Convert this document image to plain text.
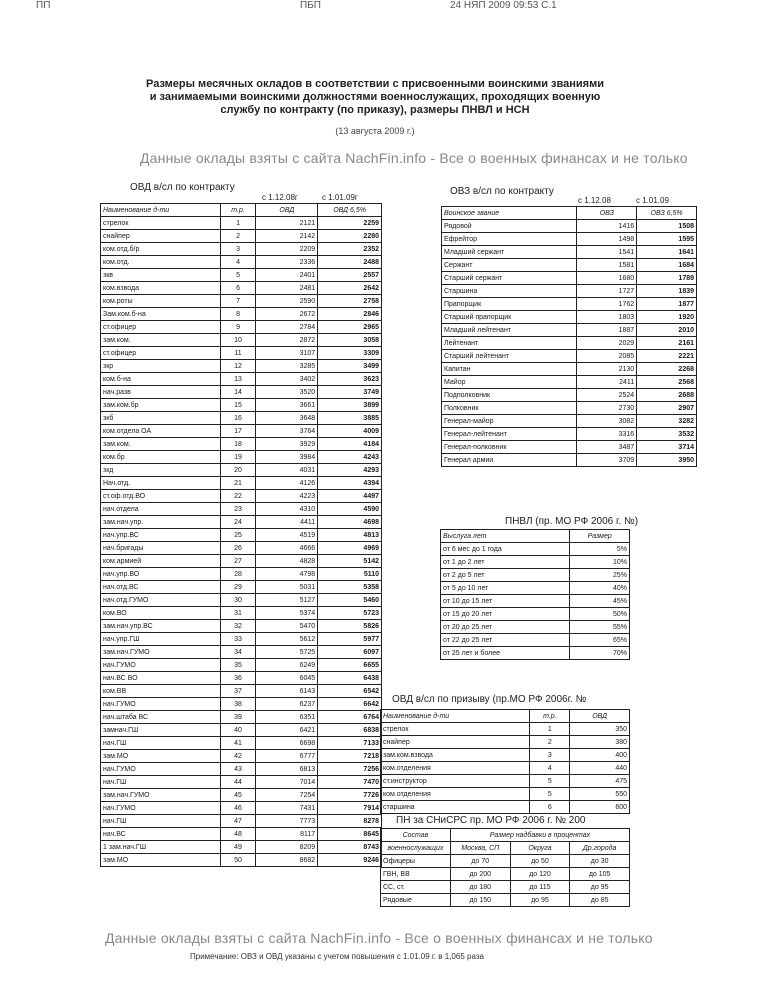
ПП	ПБП	24 НЯП 2009 09:53 С.1
Размеры месячных окладов в соответствии с присвоенными воинскими званиями
и занимаемыми воинскими должностями военнослужащих, проходящих военную
службу по контракту (по приказу), размеры ПНВЛ и НСН
(13 августа 2009 г.)
Данные оклады взяты с сайта NachFin.info - Все о военных финансах и не только
ОВД в/сл по контракту
с 1.12.08г	с 1.01.09г
Наименование д-ти	т.р.	ОВД	ОВД 6,5%
стрелок	1	2121	2259
снайпер	2	2142	2280
ком.отд.б/р	3	2209	2352
ком.отд.	4	2336	2488
зкв	5	2401	2557
ком.взвода	6	2481	2642
ком.роты	7	2590	2758
Зам.ком.б-на	8	2672	2846
ст.офицер	9	2784	2965
зам.ком.	10	2872	3058
ст.офицер	11	3107	3309
зкр	12	3285	3499
ком.б-на	13	3402	3623
нач.разв	14	3520	3749
зам.ком.бр	15	3661	3899
зкб	16	3648	3885
ком.отдела ОА	17	3764	4009
зам.ком.	18	3929	4184
ком.бр	19	3984	4243
зкд	20	4031	4293
Нач.отд.	21	4126	4394
ст.оф.отд.ВО	22	4223	4497
нач.отдела	23	4310	4590
зам.нач.упр.	24	4411	4698
нач.упр.ВС	25	4519	4813
нач.бригады	26	4666	4969
ком.армией	27	4828	5142
нач.упр.ВО	28	4798	5110
нач.отд.ВС	29	5031	5358
нач.отд.ГУМО	30	5127	5460
ком.ВО	31	5374	5723
зам.нач.упр.ВС	32	5470	5826
нач.упр.ГШ	33	5612	5977
зам.нач.ГУМО	34	5725	6097
нач.ГУМО	35	6249	6655
нач.ВС ВО	36	6045	6438
ком.ВВ	37	6143	6542
нач.ГУМО	38	6237	6642
нач.штаба ВС	39	6351	6764
замнач.ГШ	40	6421	6838
нач.ГШ	41	6698	7133
зам.МО	42	6777	7218
нач.ГУМО	43	6813	7256
нач.ГШ	44	7014	7470
зам.нач.ГУМО	45	7254	7726
нач.ГУМО	46	7431	7914
нач.ГШ	47	7773	8278
нач.ВС	48	8117	8645
1 зам.нач.ГШ	49	8209	8743
зам.МО	50	8682	9246
ОВЗ в/сл по контракту
с 1.12.08	с 1.01.09
Воинское звание	ОВЗ	ОВЗ 6,5%
Рядовой	1416	1508
Ефрейтор	1498	1595
Младший сержант	1541	1641
Сержант	1581	1684
Старший сержант	1680	1789
Старшина	1727	1839
Прапорщик	1762	1877
Старший прапорщик	1803	1920
Младший лейтенант	1887	2010
Лейтенант	2029	2161
Старший лейтенант	2085	2221
Капитан	2130	2268
Майор	2411	2568
Подполковник	2524	2688
Полковник	2730	2907
Генерал-майор	3082	3282
Генерал-лейтенант	3316	3532
Генерал-полковник	3487	3714
Генерал армии	3709	3950
ПНВЛ (пр. МО РФ 2006 г. №)
Выслуга лет	Размер
от 6 мес до 1 года	5%
от 1 до 2 лет	10%
от 2 до 5 лет	25%
от 5 до 10 лет	40%
от 10 до 15 лет	45%
от 15 до 20 лет	50%
от 20 до 25 лет	55%
от 22 до 25 лет	65%
от 25 лет и более	70%
ОВД в/сл по призыву (пр.МО РФ 2006г. №
Наименование д-ти	т.р.	ОВД
стрелок	1	350
снайпер	2	380
зам.ком.взвода	3	400
ком.отделения	4	440
ст.инструктор	5	475
ком.отделения	5	550
старшина	6	600
ПН за СНиСРС пр. МО РФ 2006 г. № 200
Состав	Размер надбавки в процентах		
военнослужащих	Москва, СП	Округа	Др.города
Офицеры	до 70	до 50	до 30
ГВН, ВВ	до 200	до 120	до 105
СС, ст.	до 180	до 115	до 95
Рядовые	до 150	до 95	до 85
Данные оклады взяты с сайта NachFin.info - Все о военных финансах и не только
Примечание: ОВЗ и ОВД указаны с учетом повышения с 1.01.09 г. в 1,065 раза
